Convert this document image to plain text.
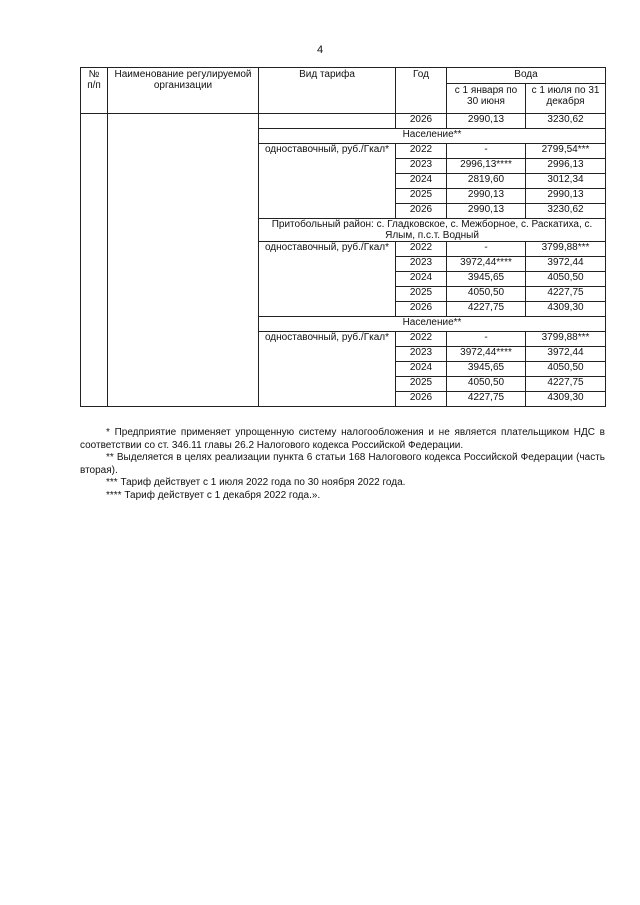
4
№ п/п	Наименование регулируемой организации	Вид тарифа	Год	Вода	
				с 1 января по 30 июня	с 1 июля по 31 декабря
			2026	2990,13	3230,62
		Население**			
		одноставочный, руб./Гкал*	2022	-	2799,54***
			2023	2996,13****	2996,13
			2024	2819,60	3012,34
			2025	2990,13	2990,13
			2026	2990,13	3230,62
		Притобольный район: с. Гладковское, с. Межборное, с. Раскатиха, с. Ялым, п.с.т. Водный			
		одноставочный, руб./Гкал*	2022	-	3799,88***
			2023	3972,44****	3972,44
			2024	3945,65	4050,50
			2025	4050,50	4227,75
			2026	4227,75	4309,30
		Население**			
		одноставочный, руб./Гкал*	2022	-	3799,88***
			2023	3972,44****	3972,44
			2024	3945,65	4050,50
			2025	4050,50	4227,75
			2026	4227,75	4309,30

* Предприятие применяет упрощенную систему налогообложения и не является плательщиком НДС в соответствии со ст. 346.11 главы 26.2 Налогового кодекса Российской Федерации.

** Выделяется в целях реализации пункта 6 статьи 168 Налогового кодекса Российской Федерации (часть вторая).

*** Тариф действует с 1 июля 2022 года по 30 ноября 2022 года.

**** Тариф действует с 1 декабря 2022 года.».
